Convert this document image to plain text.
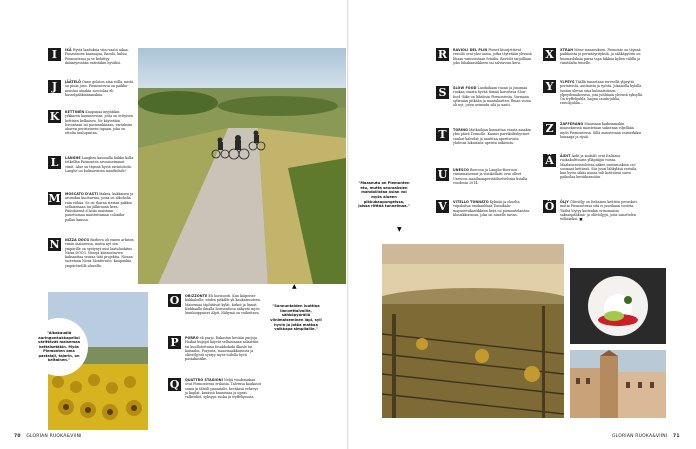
I	IKÄ Hyviä laaduksia viini vaatii aikaa. Punaviinien kantaajaa, Barolo, kuluu Piemontessa ja se kehittyy ikääntyessään entistäkin hyväksi.
J	JÄÄTELÖ Onne gelaton aina stilla, mistä on pinin jono. Piemontessa on paikko-maistaa ainakin nocciolaa eli hasselpähkinänmakua.
K	KETTINEN Kaupunaa myytäikin yrkkaren kaunneessas, jotta on erityisen kettinen kelkaisen. Ne käytetään leivontaan tai pastataikinaan, vartaksiin ahaven peristeiseen tapaan, joka on ottolta taulupastan.
L	LANGHE Langhen kaunnilla kukku kolla tetkellän Piemonten arvoaiseimmat viinit. Alue on täynnä hyviä ravintoloita. Langhe on kulinaristien mantkohde!
M MOSCATO D'ASTI Makea, kukkaisen ja aromikas kuohuviini, jossa on alkoholia vain vähän. Se on tharna sterian pakkin sellaisenaan tai jälkiruoan kera. Pääsiäisenä d'Astia maistaan panettomaa maistuttaman coloniba-pallan kanssa.
N	NIZZA DOCG Barbera oli ennen arkisen viinin maineessa, mutta nyt sen ympärille on syntynyt uusi laatuluokitus Nizza DOCG. Viinejä kiinnostavien kaksaattaa seuraa tätä projektia. Nizzan tuotetaan Nizza Monferrato -kaupunkia ympäröivällä alueella.
"Sunnuntaiden luuttiaa Ilonvettaivoille, sähköpyörällä viinimaiseminen läpi, syli hyvin ja jotka matkaa vaikkapa simpilaille."
▲
"Aikakaudiä auringonkukkapelloi värittävät maisemaa kettaisetäkin. Myös Piemonten oma pastalaji, tajarin, on keltainen."
O	ORIZZONTE Eli horisontti. Kun käipeiser kukkuloille, niiden pitkälle yli kaukaisuuteen. Maisemaa täplittävät kylät, kirkot ja linnat. Kirkkaalla ilmalla horisontissa näkyvät myös lumihuippuiset Alpit. Näkymä on vaikuttava.
P	PORRO eli purjo. Rakastan kevään purjoja. Hoikat hujapit käyvät sellaisinaan salaattiin tai kuullotettuina fosakkokuki ilkasle tai kaitaalin. Purjosta, taaavmaakkaroista ja oliiviöljystä syntyy myös todella hyvä pastakastike.
Q	QUATTRO STAGIONI Neljä vuodenaikaa ovat Piemontessa erilaisia. Talvessa kaukasot sumu ja tähtilt pasaatalit, keväässä vehreys ja kuplat, kesässä kaunissaa ja upeat valkeuhet, syksyyn ruska ja tryffelijuusta.
70 GLORIAN RUOKA&VIINI
"Maaseutu on Piemonten etu, mutta seuraaksien mahdollistaa asian voi myös alueen pikkukaupungeissa, joissa riittää tunnelmaa."
▼
R	RAVIOLI DEL PLIN Pienet liisutjettävat raviolit ovat yksi nasta, jotka täytetään yleensä lihaan vainvoistaan fotailia. Raviolit tarjoillaan joko liihakaastikkeen tai salviavoin kera.
S	SLOW FOOD Luoduikaan ruoan ja jonomaa ruokaa onasta hyvää tämää korostava Slow food -liike on lähtöisin Piemontesta. Varmaan sylissään pitkään ja maatalaatten. Ilman vioita oli nyt, joten aeimadu silä ja nauti.
T	TORINO Matkailijan kannattaa varata ainakin yksi päivä Torinolle. Kaunis parvikiiltuhyvinet vanhat kahvilat ja nautitaa aperitivosta yhdessä lukuisista upeista aukioista.
U	UNESCO Roeroon ja Langhe-Roeroon viininmaisemat ja viinikellarit ovat olleet Unescon maailmanperintöluettelossa listalla vuodesta 2014.
V	VITELLO TONNATO Kylmää ja ohuelta viipaloitua vasikanlihaa Tonnikala-majoneesikastikkeen kera on piemontelaisten klassikkoruoan, joka on nimelle taivas.
X	XTRAH Mene maaseuksen. Piemonte on täynnä paikkoista ja perintöyrityksiä, ja sähkäpyörin on huomasluksia parsa tapa liikkua kylien välillä ja viinitilalta toiselle.
Y	YLPEYS Täällä tunnetaan terveellä ylpeyttä perinteistä, antimista ja työstä. Jokaisella kylällä tuntuu olevan oma kulinaristinen ylpeydenaiheensa, jota juhlitaan yleensä syksyllä. On tryffelijuhla, hagna cauda-juhlia, raviolijuhlia...
Z	ZAFFERANO Maustaan kaikeinmakin maaseksessä maistetaan saksenaa viljellään myös Piemontessa. Sillä maustetaan esimerkiksi hunaaga ja rijsiä.
Ä	ÄIDIT Äidit ja isoäidit ovat Italiassa ruokakulttuurin ylläpitäjiä voissa. Maalaisravintoloissa näkee useinmoikein cici soomaat kettiissä. Siis juuri lähkyläsä ravisila, kun hyvin iäkäs nonna tuli kotitöissä suiva paikoilaa keväiksessään.
Ö	ÖLJY Oliiviöljy on Italiaisen keittiön peruskivi, mutta Piemontessa sitä ei juurikaan tuoteta. Täältä löytyy kuitenkin erinomaisia saksanpähkinä- ja oliiviöljyjä, joita sanottelen tulliaisiksi. ■
GLORIAN RUOKA&VIINI 71
